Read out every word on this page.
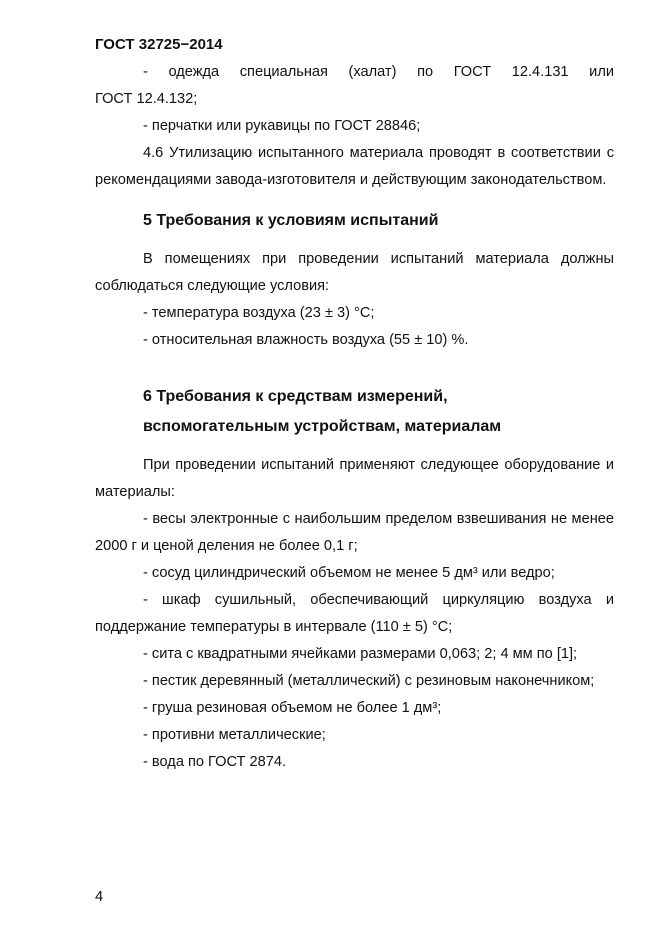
ГОСТ 32725−2014

- одежда специальная (халат) по ГОСТ 12.4.131 или

ГОСТ 12.4.132;

- перчатки или рукавицы по ГОСТ 28846;

4.6 Утилизацию испытанного материала проводят в соответствии с рекомендациями завода-изготовителя и действующим законодательством.

5 Требования к условиям испытаний

В помещениях при проведении испытаний материала должны соблюдаться следующие условия:

- температура воздуха (23 ± 3) °С;

- относительная влажность воздуха (55 ± 10) %.

6 Требования к средствам измерений,
вспомогательным устройствам, материалам

При проведении испытаний применяют следующее оборудование и материалы:

- весы электронные с наибольшим пределом взвешивания не менее 2000 г и ценой деления не более 0,1 г;

- сосуд цилиндрический объемом не менее 5 дм³ или ведро;

- шкаф сушильный, обеспечивающий циркуляцию воздуха и поддержание температуры в интервале (110 ± 5) °С;

- сита с квадратными ячейками размерами 0,063; 2; 4 мм по [1];

- пестик деревянный (металлический) с резиновым наконечником;

- груша резиновая объемом не более 1 дм³;

- противни металлические;

- вода по ГОСТ 2874.

4
